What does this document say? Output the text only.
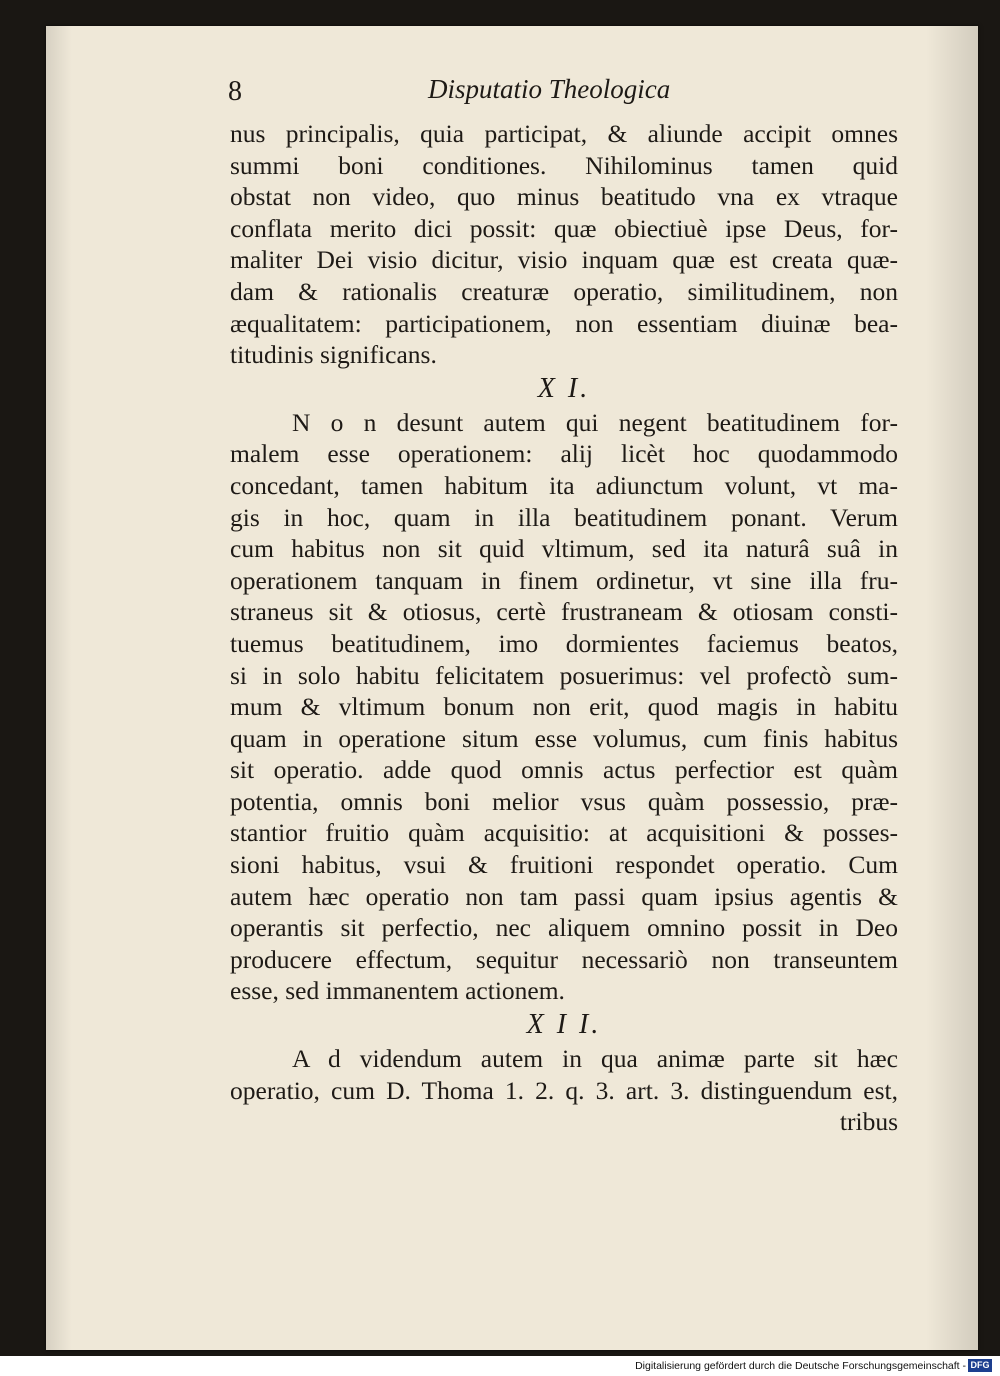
8	Disputatio Theologica
nus principalis, quia participat, & aliunde accipit omnes
summi boni conditiones. Nihilominus tamen quid
obstat non video, quo minus beatitudo vna ex vtraque
conflata merito dici possit: quæ obiectiuè ipse Deus, for-
maliter Dei visio dicitur, visio inquam quæ est creata quæ-
dam & rationalis creaturæ operatio, similitudinem, non
æqualitatem: participationem, non essentiam diuinæ bea-
titudinis significans.
X I.
N o n desunt autem qui negent beatitudinem for-
malem esse operationem: alij licèt hoc quodammodo
concedant, tamen habitum ita adiunctum volunt, vt ma-
gis in hoc, quam in illa beatitudinem ponant. Verum
cum habitus non sit quid vltimum, sed ita naturâ suâ in
operationem tanquam in finem ordinetur, vt sine illa fru-
straneus sit & otiosus, certè frustraneam & otiosam consti-
tuemus beatitudinem, imo dormientes faciemus beatos,
si in solo habitu felicitatem posuerimus: vel profectò sum-
mum & vltimum bonum non erit, quod magis in habitu
quam in operatione situm esse volumus, cum finis habitus
sit operatio. adde quod omnis actus perfectior est quàm
potentia, omnis boni melior vsus quàm possessio, præ-
stantior fruitio quàm acquisitio: at acquisitioni & posses-
sioni habitus, vsui & fruitioni respondet operatio. Cum
autem hæc operatio non tam passi quam ipsius agentis &
operantis sit perfectio, nec aliquem omnino possit in Deo
producere effectum, sequitur necessariò non transeuntem
esse, sed immanentem actionem.
X I I.
A d videndum autem in qua animæ parte sit hæc
operatio, cum D. Thoma 1. 2. q. 3. art. 3. distinguendum est,
tribus
Digitalisierung gefördert durch die Deutsche Forschungsgemeinschaft - DFG
